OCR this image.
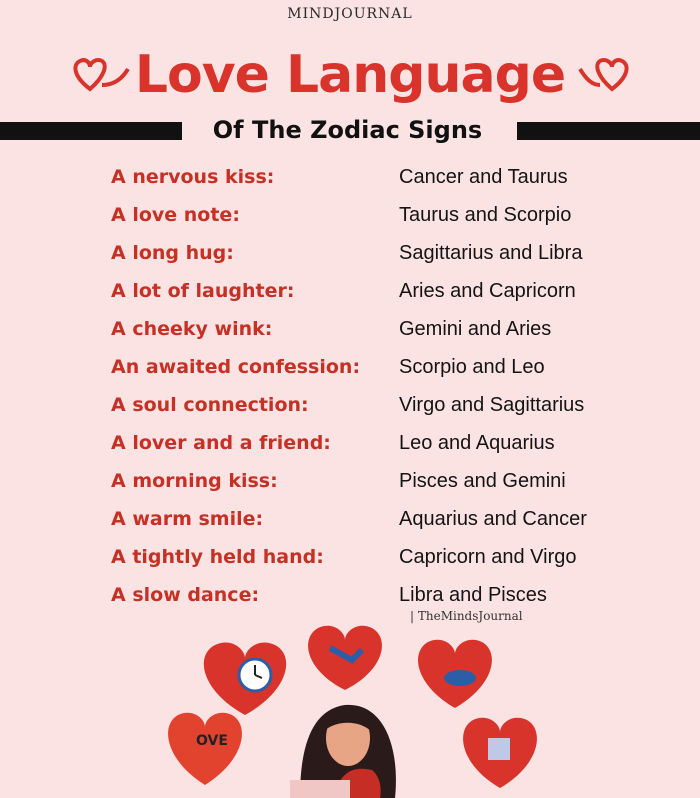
MINDJOURNAL
Love Language
Of The Zodiac Signs
A nervous kiss:	Cancer and Taurus
A love note:	Taurus and Scorpio
A long hug:	Sagittarius and Libra
A lot of laughter:	Aries and Capricorn
A cheeky wink:	Gemini and Aries
An awaited confession: Scorpio and Leo
A soul connection:	Virgo and Sagittarius
A lover and a friend:	Leo and Aquarius
A morning kiss:	Pisces and Gemini
A warm smile:	Aquarius and Cancer
A tightly held hand:	Capricorn and Virgo
A slow dance:	Libra and Pisces
| TheMindsJournal
OVE
